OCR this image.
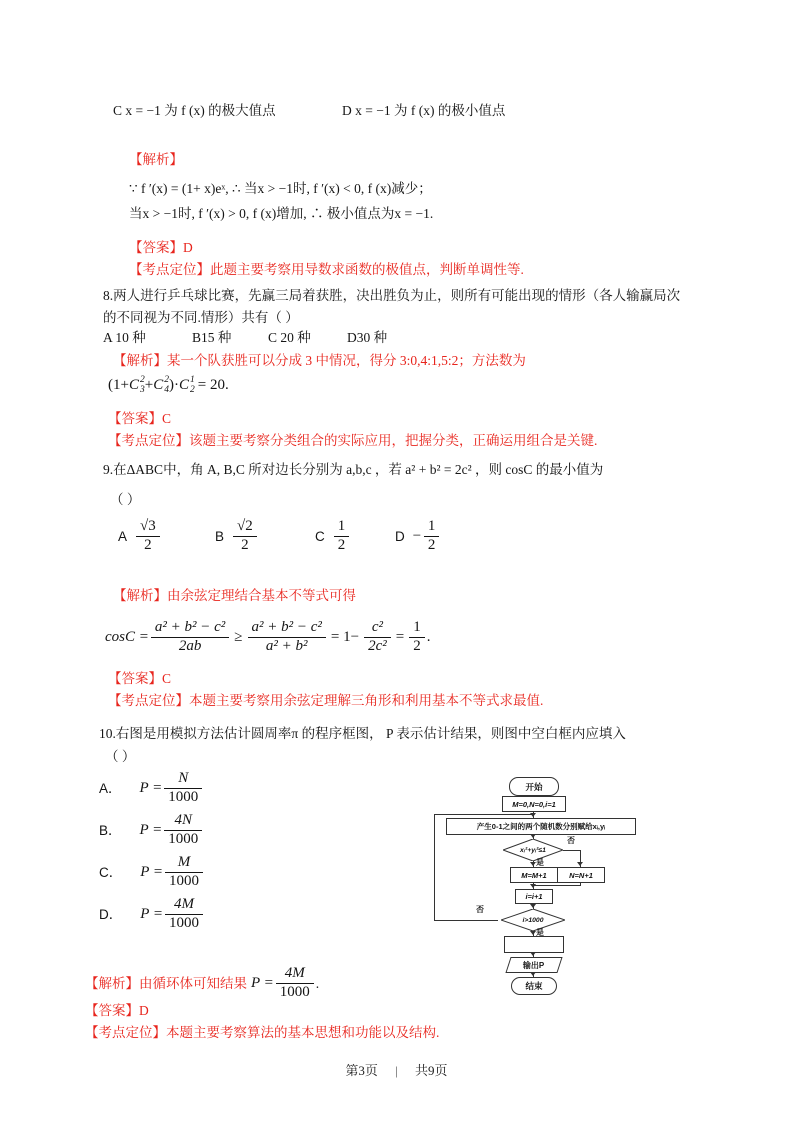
C x = −1 为 f (x) 的极大值点	D x = −1 为 f (x) 的极小值点
【解析】
∵ f ′(x) = (1+ x)eˣ, ∴ 当x > −1时, f ′(x) < 0, f (x)减少；
当x > −1时, f ′(x) > 0, f (x)增加, ∴ 极小值点为x = −1.
【答案】D
【考点定位】此题主要考察用导数求函数的极值点，判断单调性等.
8.两人进行乒乓球比赛，先赢三局着获胜，决出胜负为止，则所有可能出现的情形（各人输赢局次的不同视为不同.情形）共有（ ）
A 10 种	B15 种	C 20 种	D30 种
【解析】某一个队获胜可以分成 3 中情况，得分 3:0,4:1,5:2；方法数为
(1+ C 2
3 + C 2
4 )· C 1
2 = 20.
【答案】C
【考点定位】该题主要考察分类组合的实际应用，把握分类，正确运用组合是关键.
9.在ΔABC中，角 A, B,C 所对边长分别为 a,b,c ，若 a² + b² = 2c² ，则 cosC 的最小值为
（ ）
A $\frac{√3}{2}$	B $\frac{√2}{2}$	C $\frac{1}{2}$	$D - \frac{1}{2}$
【解析】由余弦定理结合基本不等式可得
$\cos C = \frac{\text{a² + b² − c²}}{2ab} \ge \frac{\text{a² + b² − c²}}{\text{a² + b²}} = 1- \frac{\text{c²}}{\text{2c²}} = \frac{1}{2}$ .
【答案】C
【考点定位】本题主要考察用余弦定理解三角形和利用基本不等式求最值.
10.右图是用模拟方法估计圆周率π 的程序框图， P 表示估计结果，则图中空白框内应填入
（ ）
A． $P = \frac{N}{1000}$
B． $P = \frac{4N}{1000}$
C． $P = \frac{M}{1000}$
D． $P = \frac{4M}{1000}$
开始
M=0,N=0,i=1
产生0-1之间的两个随机数分别赋给xᵢ,yᵢ
xᵢ²+yᵢ²≤1
否
是
M=M+1	N=N+1
i=i+1
i>1000
否
是
输出P
结束
【解析】由循环体可知结果 $P = \frac{4M}{1000}$ .
【答案】D
【考点定位】本题主要考察算法的基本思想和功能以及结构.
第3页 | 共9页
